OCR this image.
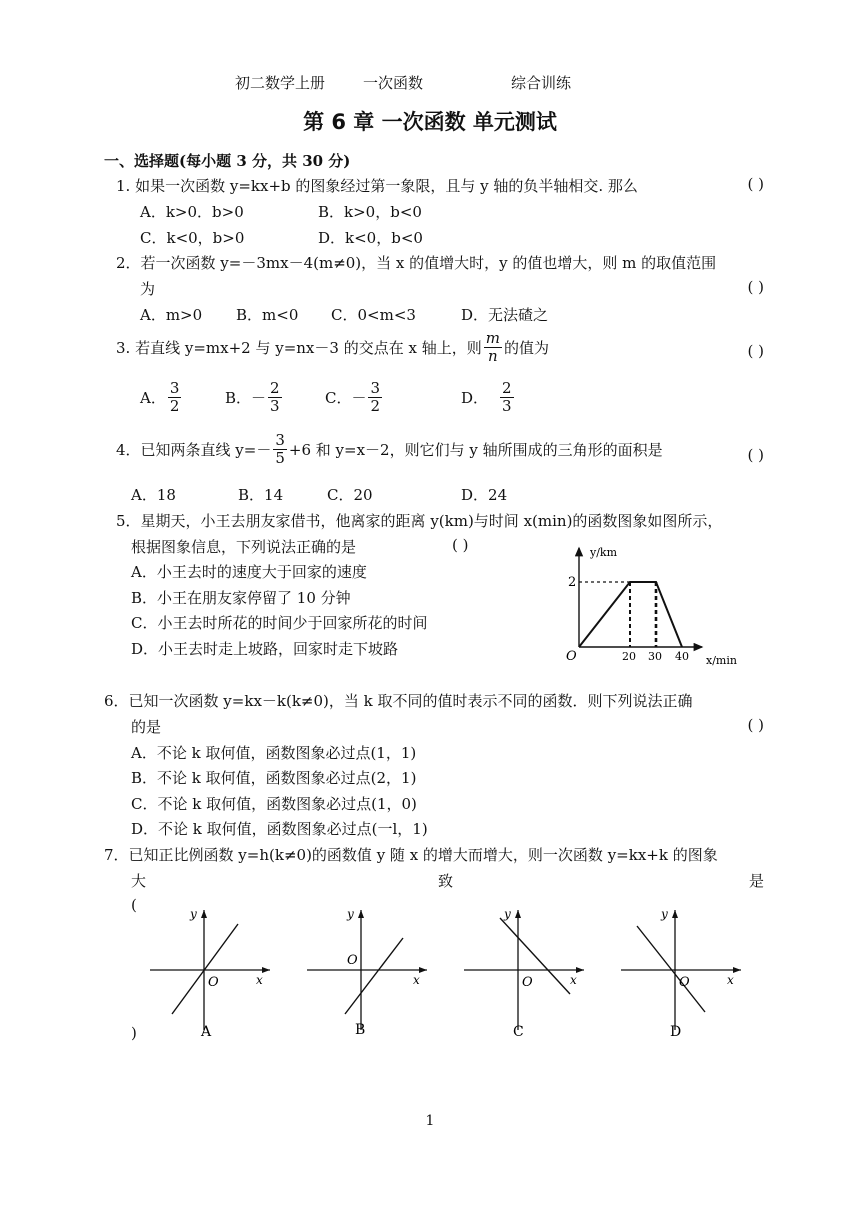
初二数学上册	一次函数	综合训练
第 6 章 一次函数 单元测试
一、选择题(每小题 3 分，共 30 分)
1. 如果一次函数 y=kx+b 的图象经过第一象限，且与 y 轴的负半轴相交. 那么	( )
A．k>0．b>0	B．k>0，b<0
C．k<0，b>0	D．k<0，b<0
2．若一次函数 y=－3mx－4(m≠0)，当 x 的值增大时，y 的值也增大，则 m 的取值范围
为	( )
A．m>0 B．m<0 C．0<m<3	D．无法碴之
3. 若直线 y=mx+2 与 y=nx－3 的交点在 x 轴上，则 $\frac{m}{n}$ 的值为	( )
A． $\frac{3}{2}$	B．－ $\frac{2}{3}$	C．－ $\frac{3}{2}$	D． $\frac{2}{3}$
4．已知两条直线 $y=- \frac{3}{5} +6$ 和 y=x－2，则它们与 y 轴所围成的三角形的面积是	( )
A．18	B．14	C．20	D．24
5．星期天，小王去朋友家借书，他离家的距离 y(km)与时间 x(min)的函数图象如图所示，
根据图象信息，下列说法正确的是	( )
A．小王去时的速度大于回家的速度
B．小王在朋友家停留了 10 分钟
C．小王去时所花的时间少于回家所花的时间
D．小王去时走上坡路，回家时走下坡路
y/km
2
O	20 30 40 x/min
6．已知一次函数 y=kx－k(k≠0)，当 k 取不同的值时表示不同的函数．则下列说法正确
的是	( )
A．不论 k 取何值，函数图象必过点(1，1)
B．不论 k 取何值，函数图象必过点(2，1)
C．不论 k 取何值，函数图象必过点(1，0)
D．不论 k 取何值，函数图象必过点(一l，1)
7．已知正比例函数 y=h(k≠0)的函数值 y 随 x 的增大而增大，则一次函数 y=kx+k 的图象
大	致	是
(
)
y
x
O
A
y
x
O
B
y
x
O
C
y
x
O
D
1
